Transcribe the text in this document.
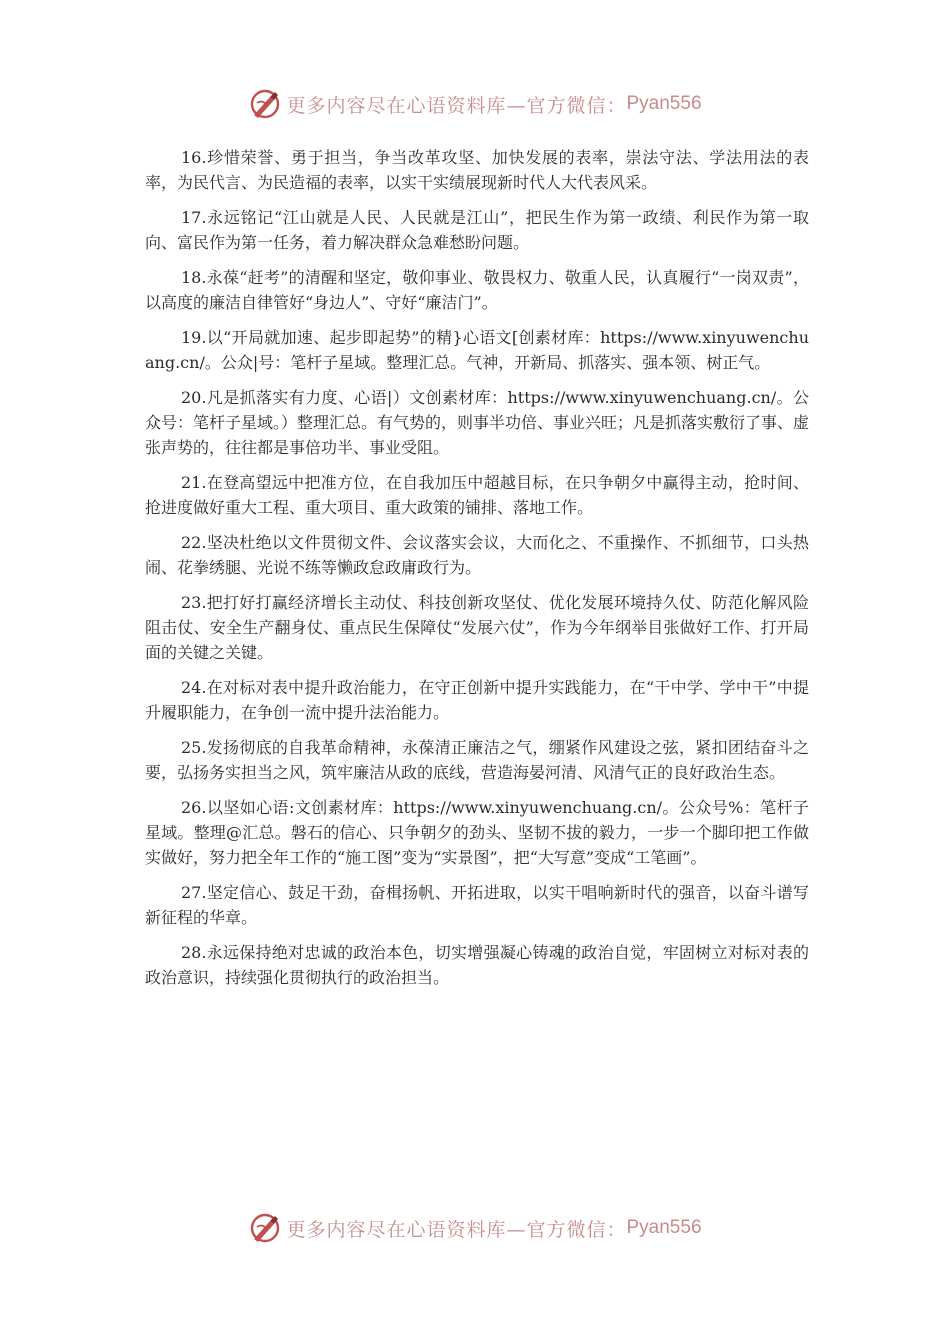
更多内容尽在心语资料库—官方微信： Pyan556

16.珍惜荣誉、勇于担当，争当改革攻坚、加快发展的表率，崇法守法、学法用法的表率，为民代言、为民造福的表率，以实干实绩展现新时代人大代表风采。

17.永远铭记“江山就是人民、人民就是江山”，把民生作为第一政绩、利民作为第一取向、富民作为第一任务，着力解决群众急难愁盼问题。

18.永葆“赶考”的清醒和坚定，敬仰事业、敬畏权力、敬重人民，认真履行“一岗双责”，以高度的廉洁自律管好“身边人”、守好“廉洁门”。

19.以“开局就加速、起步即起势”的精}心语文[创素材库：https://www.xinyuwenchuang.cn/。公众|号：笔杆子星域。整理汇总。气神，开新局、抓落实、强本领、树正气。

20.凡是抓落实有力度、心语|）文创素材库：https://www.xinyuwenchuang.cn/。公众号：笔杆子星域。）整理汇总。有气势的，则事半功倍、事业兴旺；凡是抓落实敷衍了事、虚张声势的，往往都是事倍功半、事业受阻。

21.在登高望远中把准方位，在自我加压中超越目标，在只争朝夕中赢得主动，抢时间、抢进度做好重大工程、重大项目、重大政策的铺排、落地工作。

22.坚决杜绝以文件贯彻文件、会议落实会议，大而化之、不重操作、不抓细节，口头热闹、花拳绣腿、光说不练等懒政怠政庸政行为。

23.把打好打赢经济增长主动仗、科技创新攻坚仗、优化发展环境持久仗、防范化解风险阻击仗、安全生产翻身仗、重点民生保障仗“发展六仗”，作为今年纲举目张做好工作、打开局面的关键之关键。

24.在对标对表中提升政治能力，在守正创新中提升实践能力，在“干中学、学中干”中提升履职能力，在争创一流中提升法治能力。

25.发扬彻底的自我革命精神，永葆清正廉洁之气，绷紧作风建设之弦，紧扣团结奋斗之要，弘扬务实担当之风，筑牢廉洁从政的底线，营造海晏河清、风清气正的良好政治生态。

26.以坚如心语:文创素材库：https://www.xinyuwenchuang.cn/。公众号%：笔杆子星域。整理@汇总。磐石的信心、只争朝夕的劲头、坚韧不拔的毅力，一步一个脚印把工作做实做好，努力把全年工作的“施工图”变为“实景图”，把“大写意”变成“工笔画”。

27.坚定信心、鼓足干劲，奋楫扬帆、开拓进取，以实干唱响新时代的强音，以奋斗谱写新征程的华章。

28.永远保持绝对忠诚的政治本色，切实增强凝心铸魂的政治自觉，牢固树立对标对表的政治意识，持续强化贯彻执行的政治担当。

更多内容尽在心语资料库—官方微信： Pyan556
